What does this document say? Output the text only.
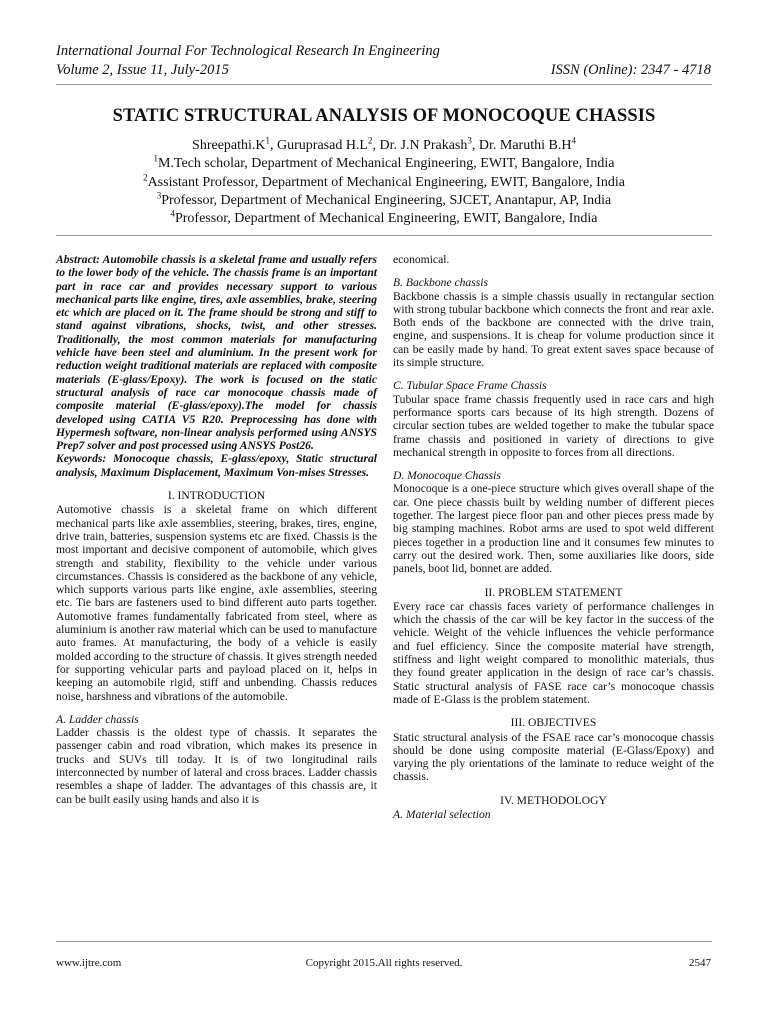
International Journal For Technological Research In Engineering
Volume 2, Issue 11, July-2015	ISSN (Online): 2347 - 4718
STATIC STRUCTURAL ANALYSIS OF MONOCOQUE CHASSIS
$Shreepathi.K^1$, Guruprasad $H.L^2$, Dr. J.N Prakash$^3$, Dr. Maruthi $B.H^4$
$^1$M.Tech scholar, Department of Mechanical Engineering, EWIT, Bangalore, India
$^2$Assistant Professor, Department of Mechanical Engineering, EWIT, Bangalore, India
$^3$Professor, Department of Mechanical Engineering, SJCET, Anantapur, AP, India
$^4$Professor, Department of Mechanical Engineering, EWIT, Bangalore, India

Abstract: Automobile chassis is a skeletal frame and usually refers to the lower body of the vehicle. The chassis frame is an important part in race car and provides necessary support to various mechanical parts like engine, tires, axle assemblies, brake, steering etc which are placed on it. The frame should be strong and stiff to stand against vibrations, shocks, twist, and other stresses. Traditionally, the most common materials for manufacturing vehicle have been steel and aluminium. In the present work for reduction weight traditional materials are replaced with composite materials (E-glass/Epoxy). The work is focused on the static structural analysis of race car monocoque chassis made of composite material (E-glass/epoxy).The model for chassis developed using CATIA V5 R20. Preprocessing has done with Hypermesh software, non-linear analysis performed using ANSYS Prep7 solver and post processed using ANSYS Post26.

Keywords: Monocoque chassis, E-glass/epoxy, Static structural analysis, Maximum Displacement, Maximum Von-mises Stresses.

I. INTRODUCTION

Automotive chassis is a skeletal frame on which different mechanical parts like axle assemblies, steering, brakes, tires, engine, drive train, batteries, suspension systems etc are fixed. Chassis is the most important and decisive component of automobile, which gives strength and stability, flexibility to the vehicle under various circumstances. Chassis is considered as the backbone of any vehicle, which supports various parts like engine, axle assemblies, steering etc. Tie bars are fasteners used to bind different auto parts together. Automotive frames fundamentally fabricated from steel, where as aluminium is another raw material which can be used to manufacture auto frames. At manufacturing, the body of a vehicle is easily molded according to the structure of chassis. It gives strength needed for supporting vehicular parts and payload placed on it, helps in keeping an automobile rigid, stiff and unbending. Chassis reduces noise, harshness and vibrations of the automobile.

A. Ladder chassis

Ladder chassis is the oldest type of chassis. It separates the passenger cabin and road vibration, which makes its presence in trucks and SUVs till today. It is of two longitudinal rails interconnected by number of lateral and cross braces. Ladder chassis resembles a shape of ladder. The advantages of this chassis are, it can be built easily using hands and also it is

economical.

B. Backbone chassis

Backbone chassis is a simple chassis usually in rectangular section with strong tubular backbone which connects the front and rear axle. Both ends of the backbone are connected with the drive train, engine, and suspensions. It is cheap for volume production since it can be easily made by hand. To great extent saves space because of its simple structure.

C. Tubular Space Frame Chassis

Tubular space frame chassis frequently used in race cars and high performance sports cars because of its high strength. Dozens of circular section tubes are welded together to make the tubular space frame chassis and positioned in variety of directions to give mechanical strength in opposite to forces from all directions.

D. Monocoque Chassis

Monocoque is a one-piece structure which gives overall shape of the car. One piece chassis built by welding number of different pieces together. The largest piece floor pan and other pieces press made by big stamping machines. Robot arms are used to spot weld different pieces together in a production line and it consumes few minutes to carry out the desired work. Then, some auxiliaries like doors, side panels, boot lid, bonnet are added.

II. PROBLEM STATEMENT

Every race car chassis faces variety of performance challenges in which the chassis of the car will be key factor in the success of the vehicle. Weight of the vehicle influences the vehicle performance and fuel efficiency. Since the composite material have strength, stiffness and light weight compared to monolithic materials, thus they found greater application in the design of race car’s chassis. Static structural analysis of FASE race car’s monocoque chassis made of E-Glass is the problem statement.

III. OBJECTIVES

Static structural analysis of the FSAE race car’s monocoque chassis should be done using composite material (E-Glass/Epoxy) and varying the ply orientations of the laminate to reduce weight of the chassis.

IV. METHODOLOGY

A. Material selection

www.ijtre.com	Copyright 2015.All rights reserved.	2547
